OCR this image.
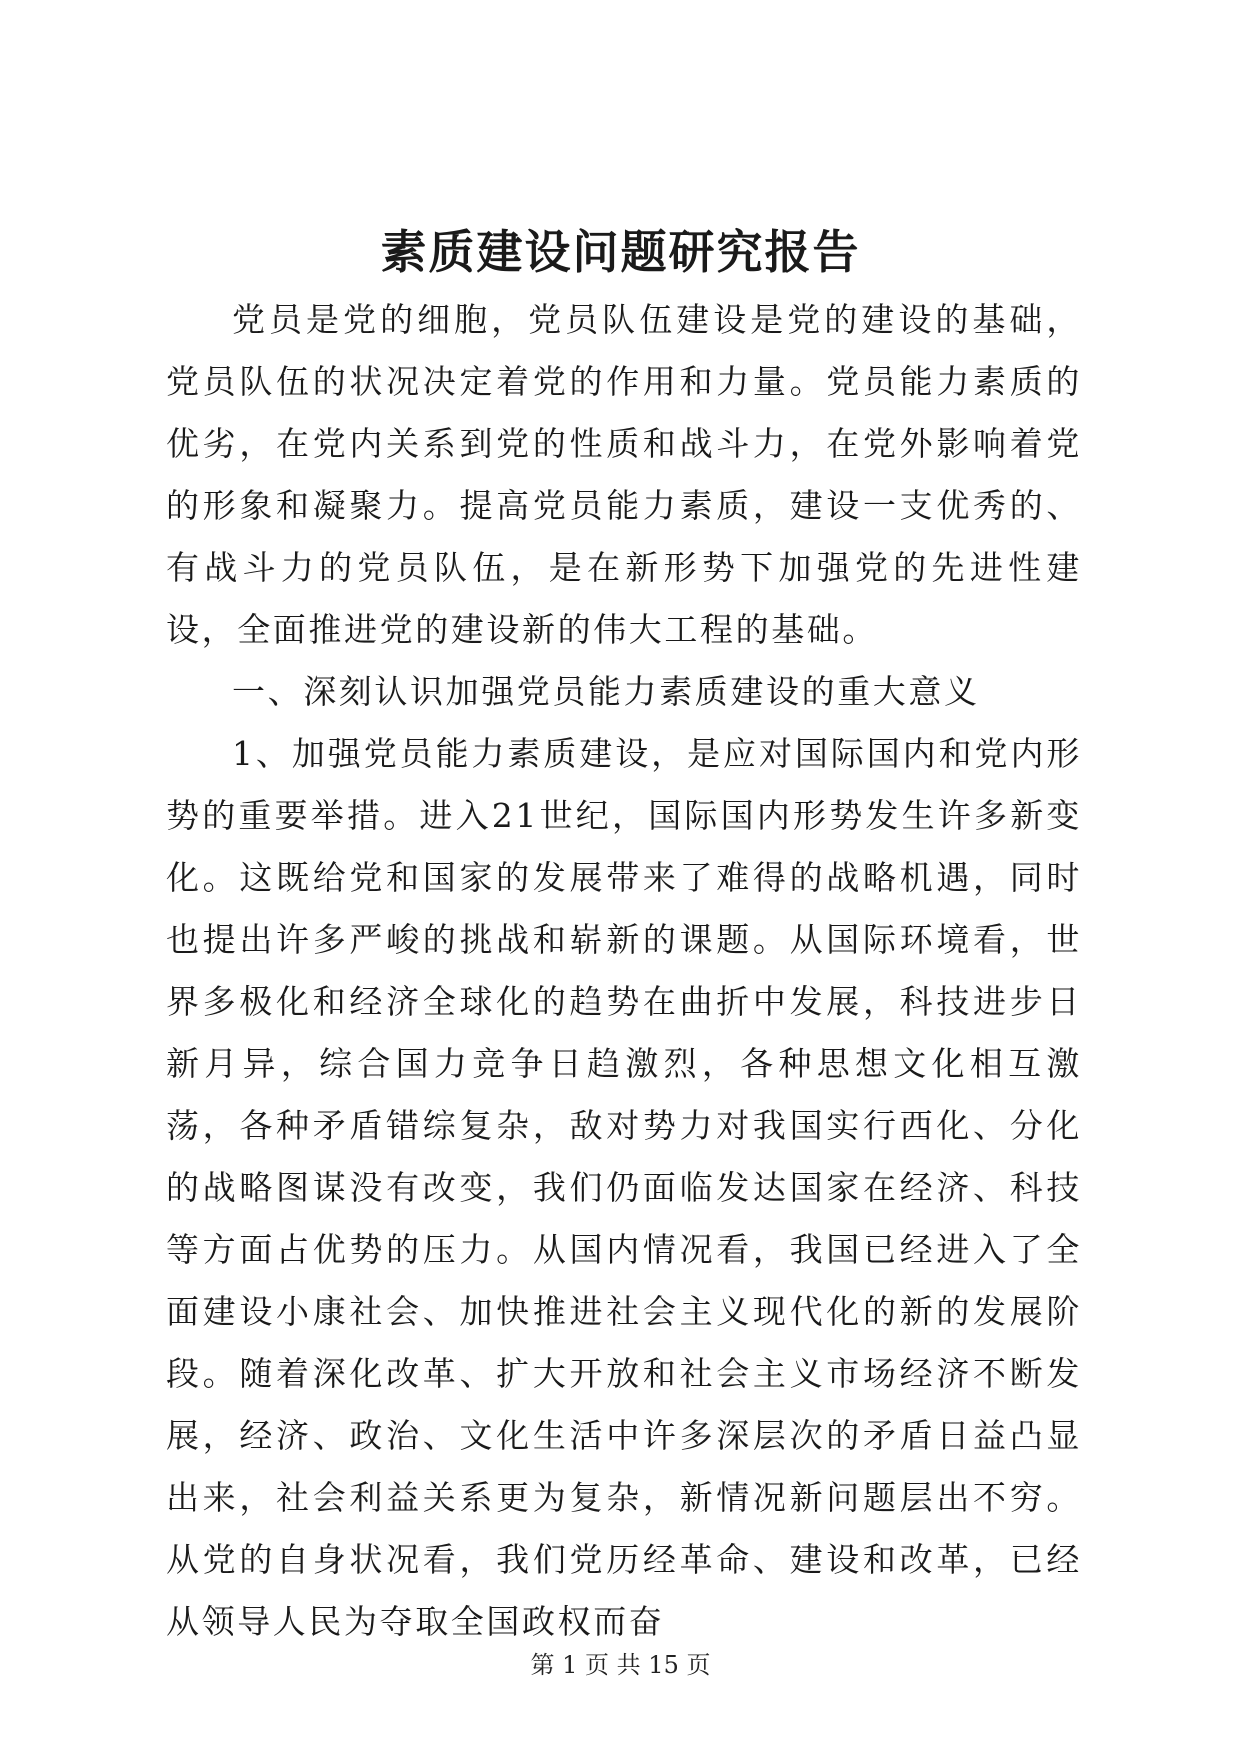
素质建设问题研究报告

党员是党的细胞，党员队伍建设是党的建设的基础，党员队伍的状况决定着党的作用和力量。党员能力素质的优劣，在党内关系到党的性质和战斗力，在党外影响着党的形象和凝聚力。提高党员能力素质，建设一支优秀的、有战斗力的党员队伍，是在新形势下加强党的先进性建设，全面推进党的建设新的伟大工程的基础。

一、深刻认识加强党员能力素质建设的重大意义

1、加强党员能力素质建设，是应对国际国内和党内形势的重要举措。进入21世纪，国际国内形势发生许多新变化。这既给党和国家的发展带来了难得的战略机遇，同时也提出许多严峻的挑战和崭新的课题。从国际环境看，世界多极化和经济全球化的趋势在曲折中发展，科技进步日新月异，综合国力竞争日趋激烈，各种思想文化相互激荡，各种矛盾错综复杂，敌对势力对我国实行西化、分化的战略图谋没有改变，我们仍面临发达国家在经济、科技等方面占优势的压力。从国内情况看，我国已经进入了全面建设小康社会、加快推进社会主义现代化的新的发展阶段。随着深化改革、扩大开放和社会主义市场经济不断发展，经济、政治、文化生活中许多深层次的矛盾日益凸显出来，社会利益关系更为复杂，新情况新问题层出不穷。从党的自身状况看，我们党历经革命、建设和改革，已经从领导人民为夺取全国政权而奋

第 1 页 共 15 页
